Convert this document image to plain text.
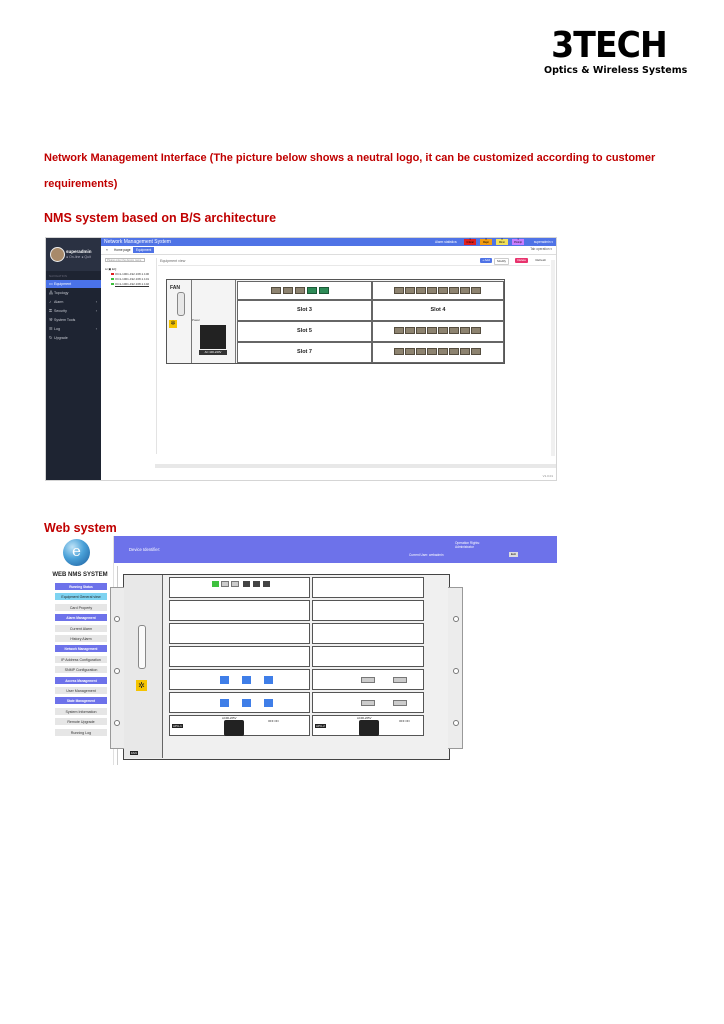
3TECH
Optics & Wireless Systems
Network Management Interface (The picture below shows a neutral logo, it can be customized according to customer requirements)
NMS system based on B/S architecture
superadmin
● On-line ● Quit
NAVIGATION
▭ Equipment
⁂ Topology
♪ Alarm	›
⚿ Security	›
⚒ System Tools
☰ Log	›
↻ Upgrade
Network Management System	Alarm statistics:
1
Critical
0
Major
0
Minor
1
Prompt	superadmin ▾
«	Home page	Equipment	Tab operation ▾
Please enter the device name
⊟ ▣ EQ
OC1-1001-192.168.1.100
OC1-1001-192.168.1.101
OC1-1001-192.168.1.102
Equipment view	+ Add	Modify	Delete	Refresh
FAN
✲
Power
AC 100-240V
Slot 3	Slot 4
Slot 5
Slot 7
V1.0.01
Web system
Device Identifier:
Operation Rights:
Administrator
Current User: webadmin	Exit
e
WEB NMS SYSTEM
Running Status
Equipment General view
Card Property
Alarm Management
Current Alarm
History Alarm
Network Management
IP Address Configuration
SNMP Configuration
Access Management
User Management
State Management
System Information
Remote Upgrade
Running Log
✲
FAN
APU-1
AC90-265V
OFF ON
APU-2
AC90-265V
OFF ON
